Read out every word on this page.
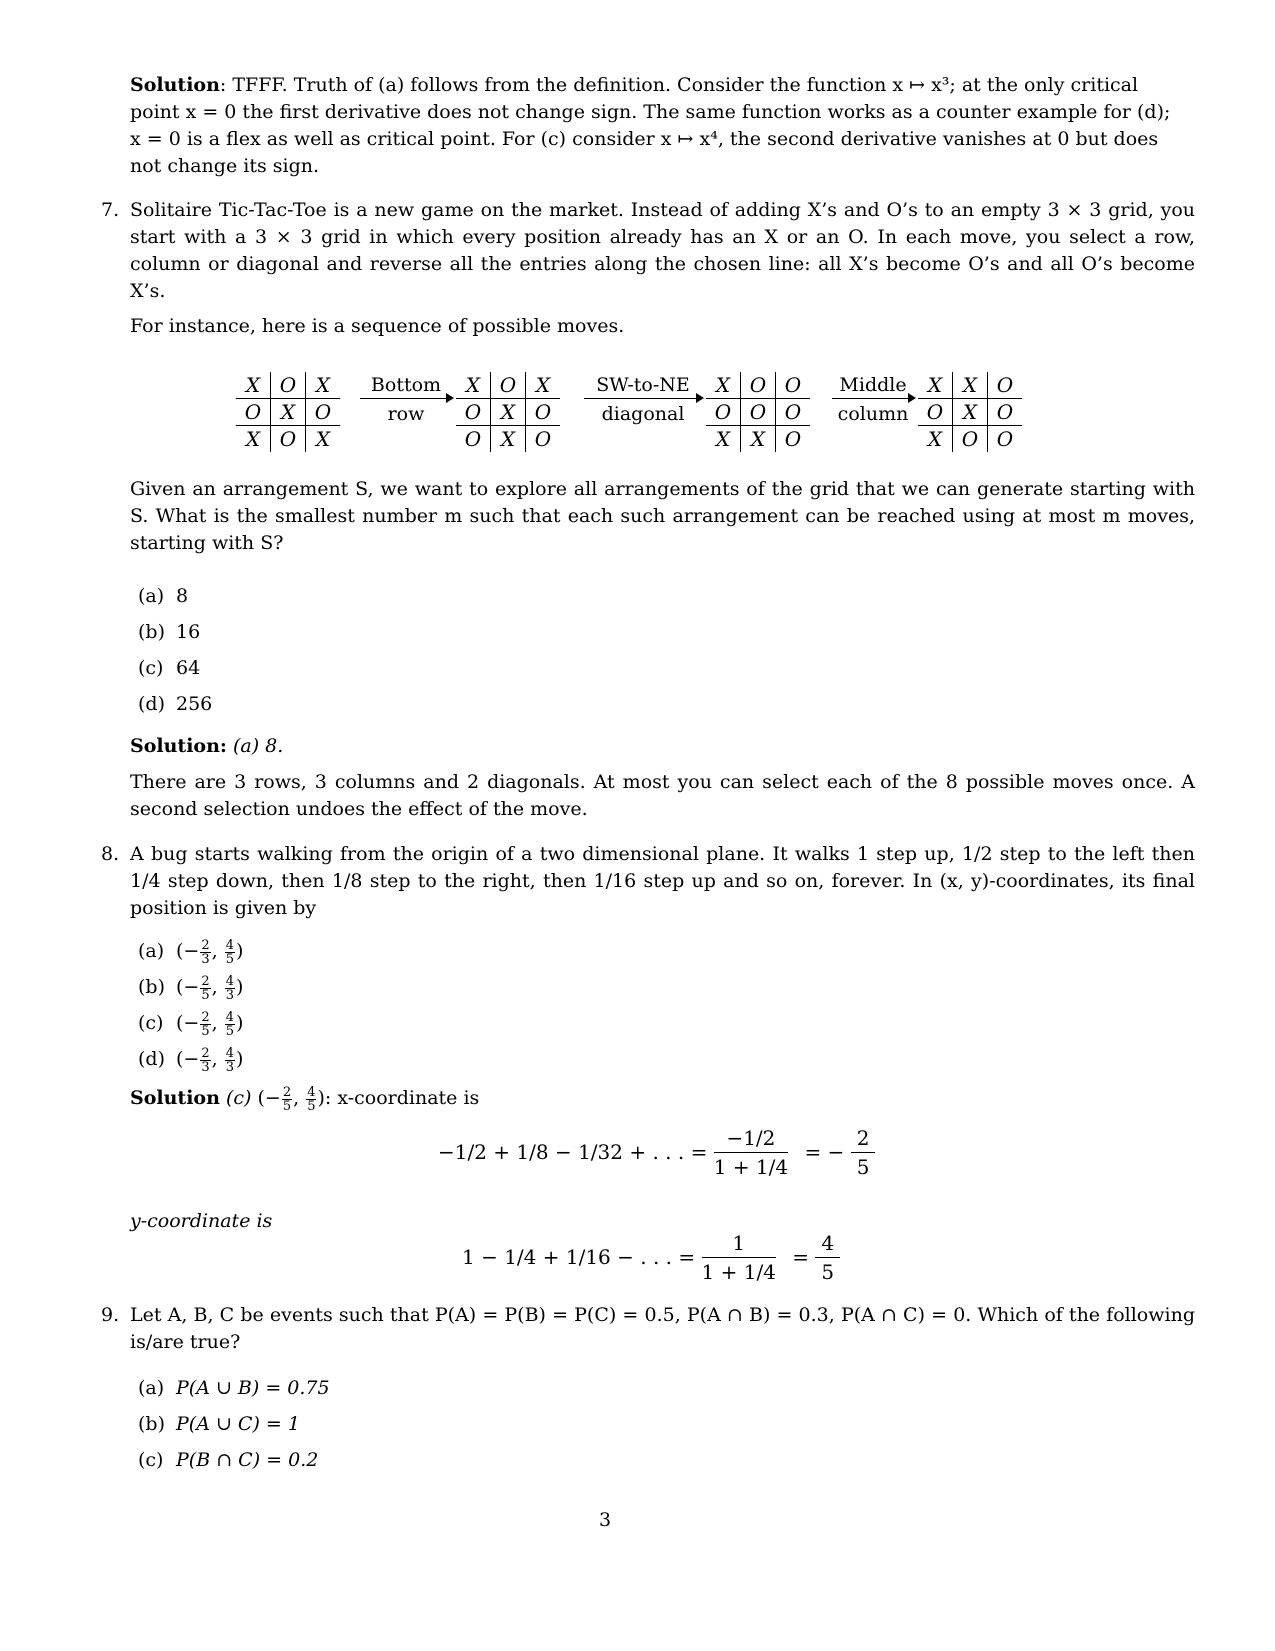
Solution: TFFF. Truth of (a) follows from the definition. Consider the function x ↦ x³; at the only critical
point x = 0 the first derivative does not change sign. The same function works as a counter example for (d);
x = 0 is a flex as well as critical point. For (c) consider x ↦ x⁴, the second derivative vanishes at 0 but does
not change its sign.
7. Solitaire Tic-Tac-Toe is a new game on the market. Instead of adding X’s and O’s to an empty 3 × 3 grid, you start with a 3 × 3 grid in which every position already has an X or an O. In each move, you select a row, column or diagonal and reverse all the entries along the chosen line: all X’s become O’s and all O’s become X’s.
For instance, here is a sequence of possible moves.
X	O	X
O	X	O
X	O	X
X	O	X
O	X	O
O	X	O
X	O	O
O	O	O
X	X	O
X	X	O
O	X	O
X	O	O
Bottom
row
SW-to-NE
diagonal
Middle
column
Given an arrangement S, we want to explore all arrangements of the grid that we can generate starting with S. What is the smallest number m such that each such arrangement can be reached using at most m moves, starting with S?
(a) 8
(b) 16
(c) 64
(d) 256
Solution: (a) 8.
There are 3 rows, 3 columns and 2 diagonals. At most you can select each of the 8 possible moves once. A second selection undoes the effect of the move.
8. A bug starts walking from the origin of a two dimensional plane. It walks 1 step up, 1/2 step to the left then 1/4 step down, then 1/8 step to the right, then 1/16 step up and so on, forever. In (x, y)-coordinates, its final position is given by
(a) (− $\frac{2}{3}$ , $\frac{4}{5}$ )
(b) (− $\frac{2}{5}$ , $\frac{4}{3}$ )
(c) (− $\frac{2}{5}$ , $\frac{4}{5}$ )
(d) (− $\frac{2}{3}$ , $\frac{4}{3}$ )
Solution (c) (− $\frac{2}{5}$ , $\frac{4}{5}$ ): x-coordinate is
−1/2 + 1/8 − 1/32 + . . . = $\frac{-1/2}{1 + 1/4}$ = − $\frac{2}{5}$
y-coordinate is
1 − 1/4 + 1/16 − . . . = $\frac{1}{1 + 1/4} = \frac{4}{5}$
9. Let A, B, C be events such that P(A) = P(B) = P(C) = 0.5, P(A ∩ B) = 0.3, P(A ∩ C) = 0. Which of the following is/are true?
(a) P(A ∪ B) = 0.75
(b) P(A ∪ C) = 1
(c) P(B ∩ C) = 0.2
3
